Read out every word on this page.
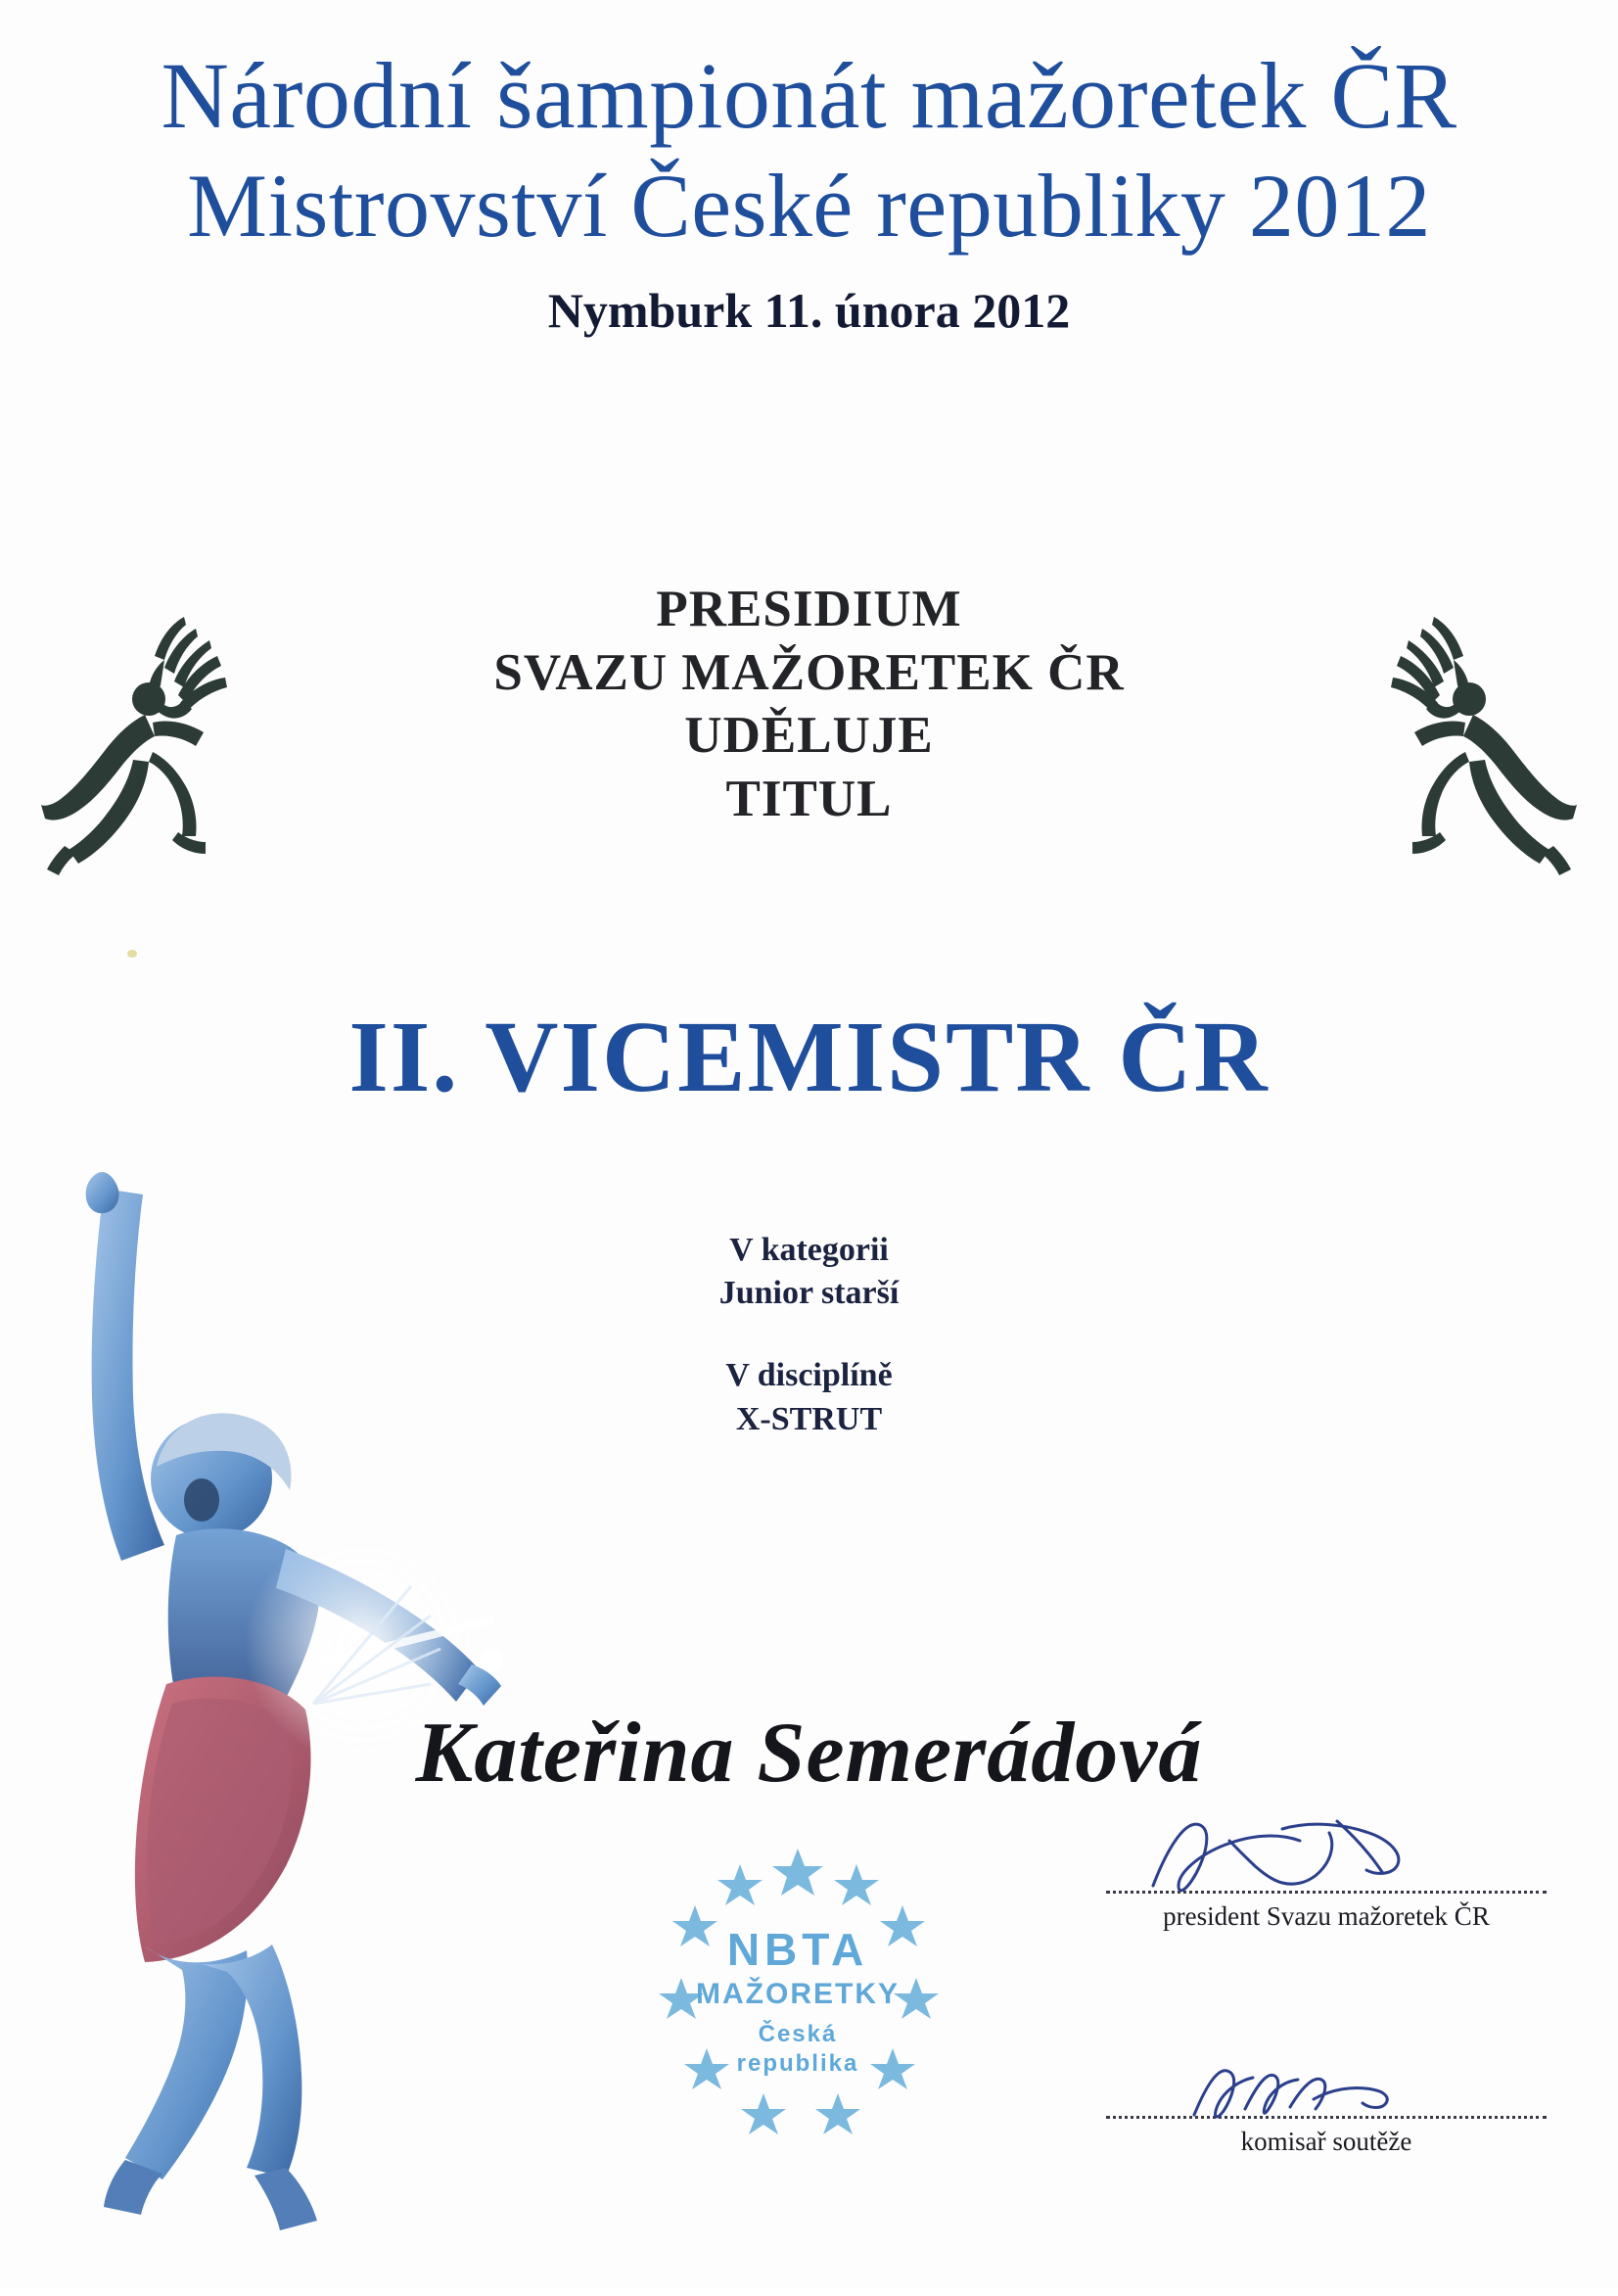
Národní šampionát mažoretek ČR
Mistrovství České republiky 2012
Nymburk 11. února 2012
PRESIDIUM
SVAZU MAŽORETEK ČR
UDĚLUJE
TITUL
II. VICEMISTR ČR
V kategorii
Junior starší
V disciplíně
X-STRUT
Kateřina Semerádová
NBTA
MAŽORETKY
Česká
republika
president Svazu mažoretek ČR
komisař soutěže
